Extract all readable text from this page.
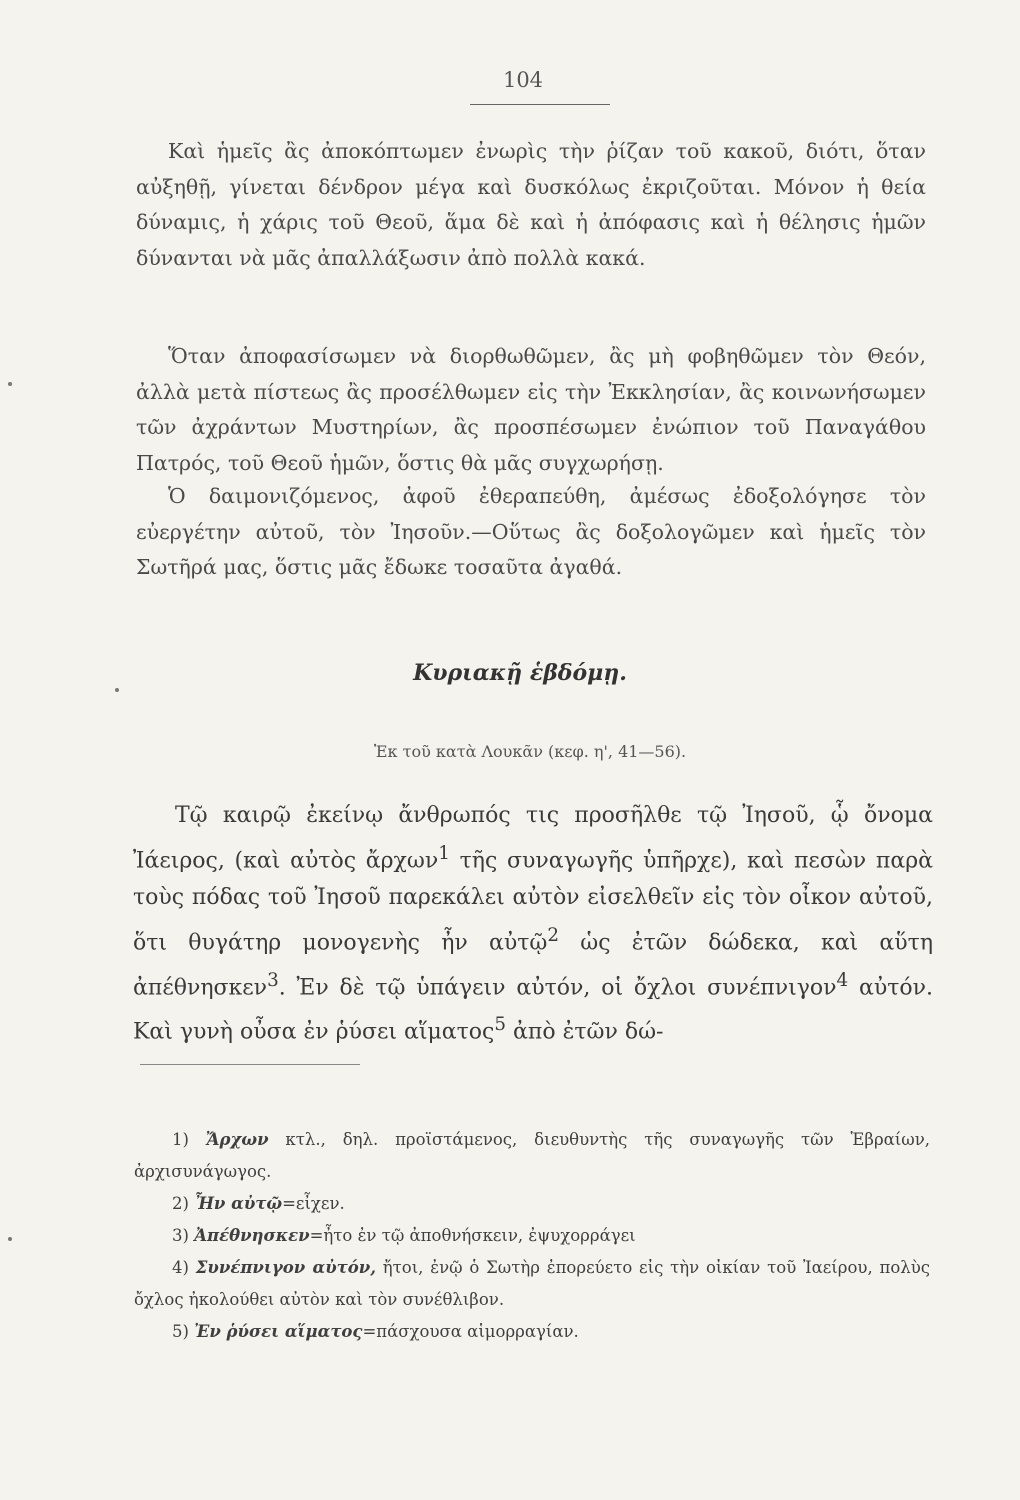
104

Καὶ ἡμεῖς ἂς ἀποκόπτωμεν ἐνωρὶς τὴν ῥίζαν τοῦ κακοῦ, διότι, ὅταν αὐξηθῇ, γίνεται δένδρον μέγα καὶ δυσκόλως ἐκριζοῦται. Μόνον ἡ θεία δύναμις, ἡ χάρις τοῦ Θεοῦ, ἅμα δὲ καὶ ἡ ἀπόφασις καὶ ἡ θέλησις ἡμῶν δύνανται νὰ μᾶς ἀπαλλάξωσιν ἀπὸ πολλὰ κακά.

Ὅταν ἀποφασίσωμεν νὰ διορθωθῶμεν, ἂς μὴ φοβηθῶμεν τὸν Θεόν, ἀλλὰ μετὰ πίστεως ἂς προσέλθωμεν εἰς τὴν Ἐκκλησίαν, ἂς κοινωνήσωμεν τῶν ἀχράντων Μυστηρίων, ἂς προσπέσωμεν ἐνώπιον τοῦ Παναγάθου Πατρός, τοῦ Θεοῦ ἡμῶν, ὅστις θὰ μᾶς συγχωρήσῃ.

Ὁ δαιμονιζόμενος, ἀφοῦ ἐθεραπεύθη, ἀμέσως ἐδοξολόγησε τὸν εὐεργέτην αὐτοῦ, τὸν Ἰησοῦν.—Οὕτως ἂς δοξολογῶμεν καὶ ἡμεῖς τὸν Σωτῆρά μας, ὅστις μᾶς ἔδωκε τοσαῦτα ἀγαθά.

Κυριακῇ ἑβδόμῃ.
Ἐκ τοῦ κατὰ Λουκᾶν (κεφ. η', 41—56).

Τῷ καιρῷ ἐκείνῳ ἄνθρωπός τις προσῆλθε τῷ Ἰησοῦ, ᾧ ὄνομα Ἰάειρος, (καὶ αὐτὸς ἄρχων$^1$ τῆς συναγωγῆς ὑπῆρχε), καὶ πεσὼν παρὰ τοὺς πόδας τοῦ Ἰησοῦ παρεκάλει αὐτὸν εἰσελθεῖν εἰς τὸν οἶκον αὐτοῦ, ὅτι θυγάτηρ μονογενὴς ἦν αὐτῷ$^2$ ὡς ἐτῶν δώδεκα, καὶ αὕτη ἀπέθνησκεν$^3$. Ἐν δὲ τῷ ὑπάγειν αὐτόν, οἱ ὄχλοι συνέπνιγον$^4$ αὐτόν. Καὶ γυνὴ οὖσα ἐν ῥύσει αἵματος$^5$ ἀπὸ ἐτῶν δώ-

1) Ἄρχων κτλ., δηλ. προϊστάμενος, διευθυντὴς τῆς συναγωγῆς τῶν Ἑβραίων, ἀρχισυνάγωγος.
2) Ἦν αὐτῷ=εἶχεν.
3) Ἀπέθνησκεν=ἦτο ἐν τῷ ἀποθνήσκειν, ἐψυχορράγει
4) Συνέπνιγον αὐτόν, ἤτοι, ἐνῷ ὁ Σωτὴρ ἐπορεύετο εἰς τὴν οἰκίαν τοῦ Ἰαείρου, πολὺς ὄχλος ἠκολούθει αὐτὸν καὶ τὸν συνέθλιβον.
5) Ἐν ῥύσει αἵματος=πάσχουσα αἱμορραγίαν.
